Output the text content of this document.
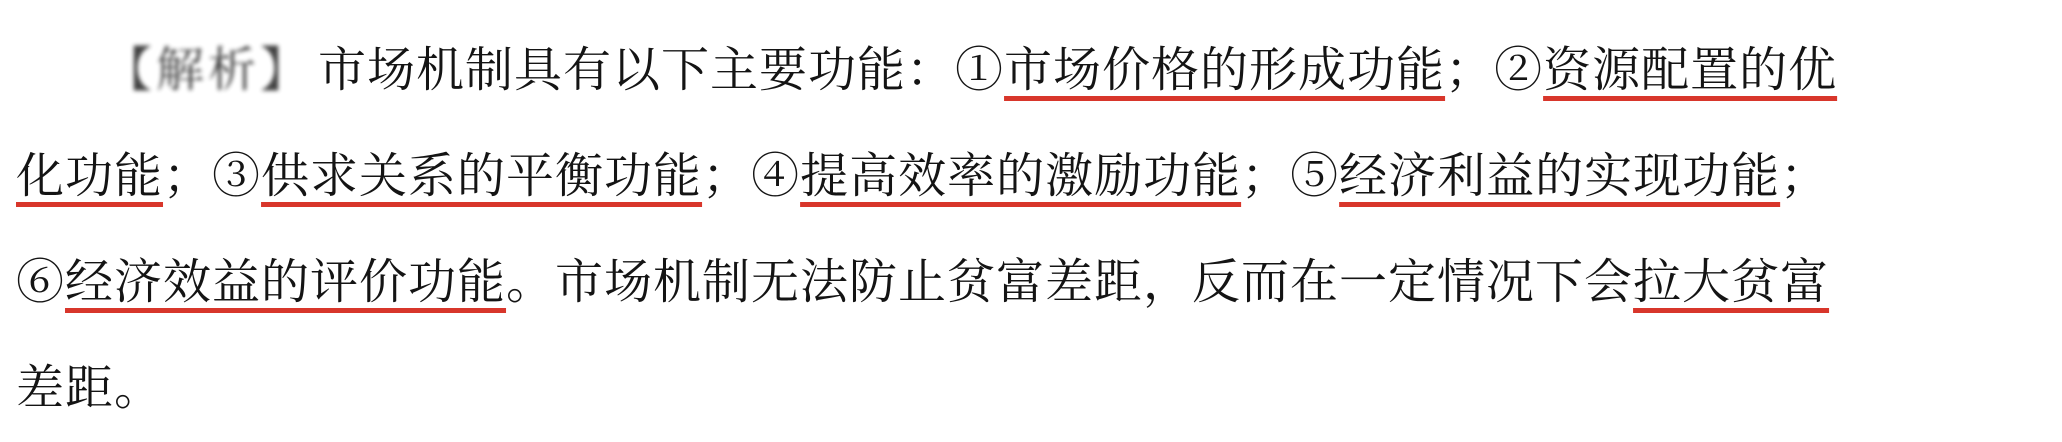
【解析】 市场机制具有以下主要功能：①市场价格的形成功能；②资源配置的优
化功能；③供求关系的平衡功能；④提高效率的激励功能；⑤经济利益的实现功能；
⑥经济效益的评价功能。市场机制无法防止贫富差距，反而在一定情况下会拉大贫富
差距。
